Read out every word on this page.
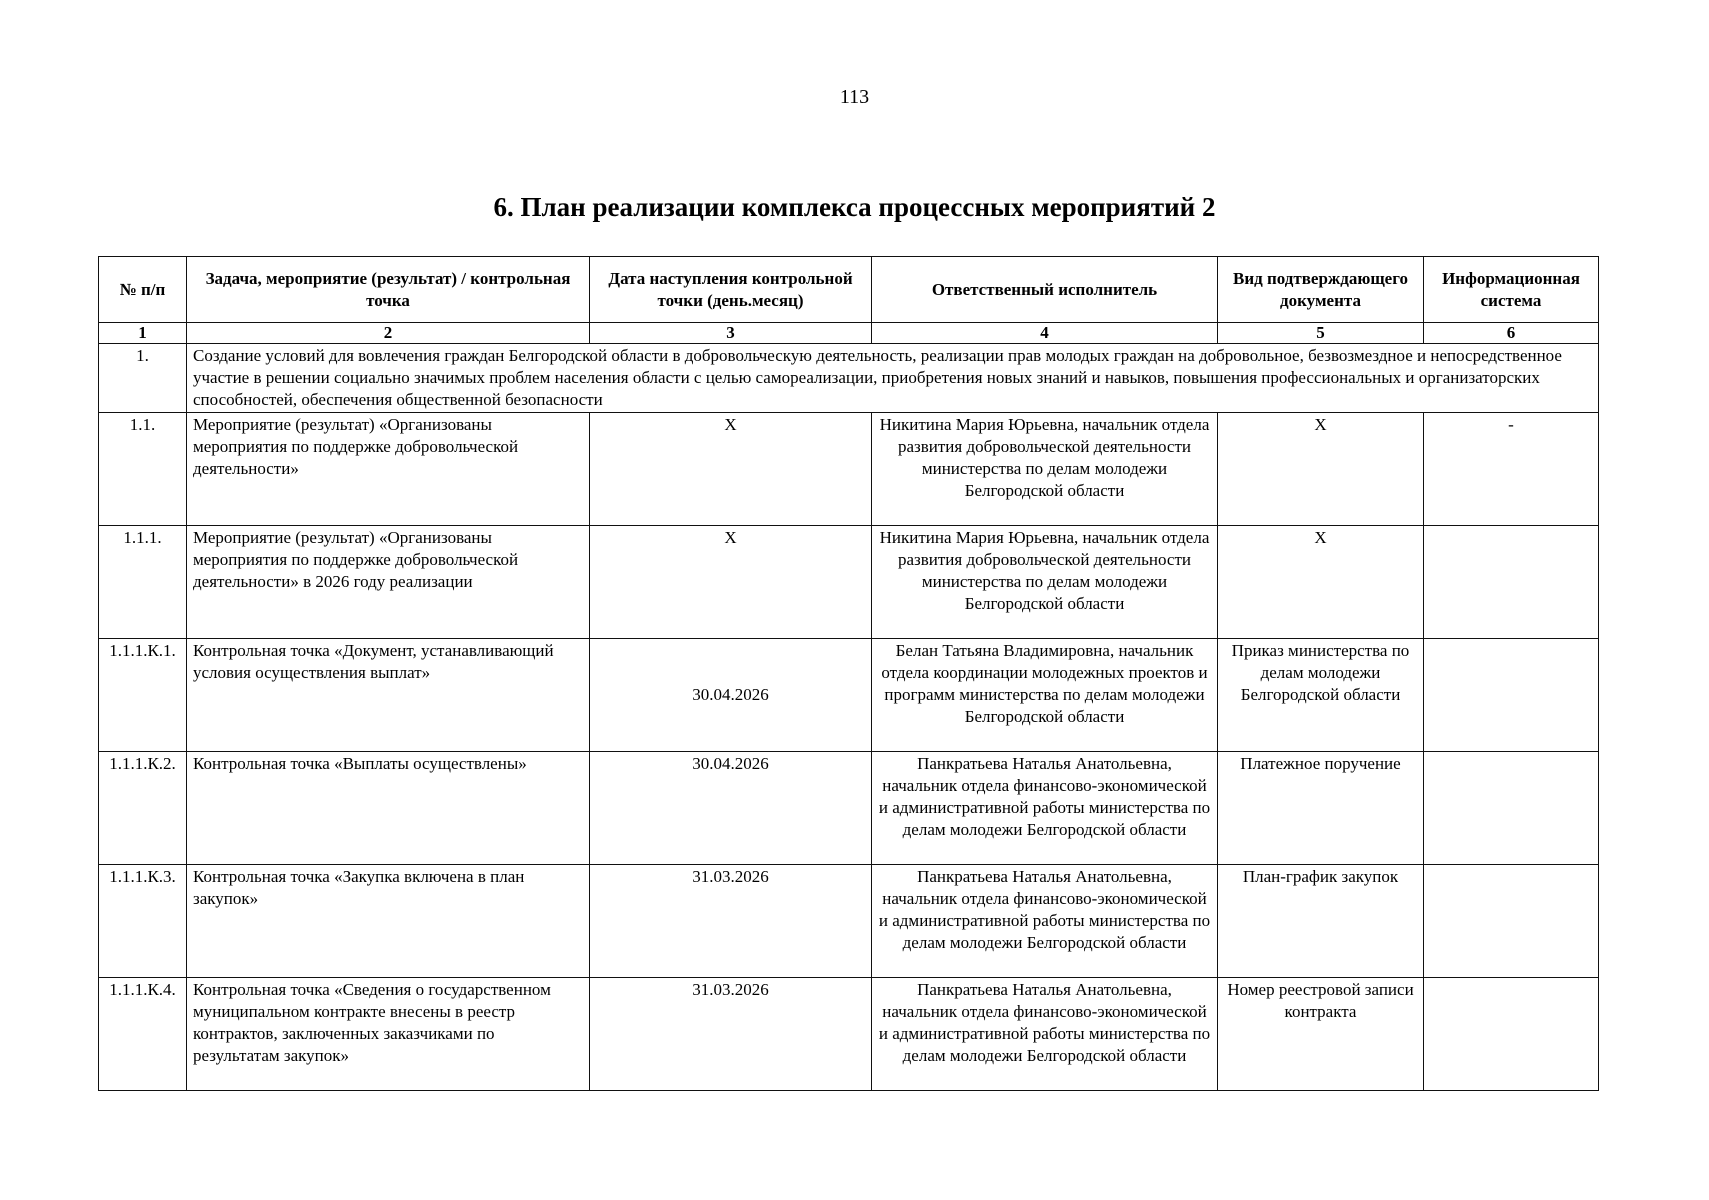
113
6. План реализации комплекса процессных мероприятий 2
№ п/п	Задача, мероприятие (результат) / контрольная точка	Дата наступления контрольной точки (день.месяц)	Ответственный исполнитель	Вид подтверждающего документа	Информационная система
1	2	3	4	5	6
1.	Создание условий для вовлечения граждан Белгородской области в добровольческую деятельность, реализации прав молодых граждан на добровольное, безвозмездное и непосредственное участие в решении социально значимых проблем населения области с целью самореализации, приобретения новых знаний и навыков, повышения профессиональных и организаторских способностей, обеспечения общественной безопасности				
1.1.	Мероприятие (результат) «Организованы мероприятия по поддержке добровольческой деятельности»	Х	Никитина Мария Юрьевна, начальник отдела развития добровольческой деятельности министерства по делам молодежи Белгородской области	Х	-
1.1.1.	Мероприятие (результат) «Организованы мероприятия по поддержке добровольческой деятельности» в 2026 году реализации	Х	Никитина Мария Юрьевна, начальник отдела развития добровольческой деятельности министерства по делам молодежи Белгородской области	Х	
1.1.1.К.1.	Контрольная точка «Документ, устанавливающий условия осуществления выплат»	30.04.2026	Белан Татьяна Владимировна, начальник отдела координации молодежных проектов и программ министерства по делам молодежи Белгородской области	Приказ министерства по делам молодежи Белгородской области	
1.1.1.К.2.	Контрольная точка «Выплаты осуществлены»	30.04.2026	Панкратьева Наталья Анатольевна, начальник отдела финансово-экономической и административной работы министерства по делам молодежи Белгородской области	Платежное поручение	
1.1.1.К.3.	Контрольная точка «Закупка включена в план закупок»	31.03.2026	Панкратьева Наталья Анатольевна, начальник отдела финансово-экономической и административной работы министерства по делам молодежи Белгородской области	План-график закупок	
1.1.1.К.4.	Контрольная точка «Сведения о государственном муниципальном контракте внесены в реестр контрактов, заключенных заказчиками по результатам закупок»	31.03.2026	Панкратьева Наталья Анатольевна, начальник отдела финансово-экономической и административной работы министерства по делам молодежи Белгородской области	Номер реестровой записи контракта	
